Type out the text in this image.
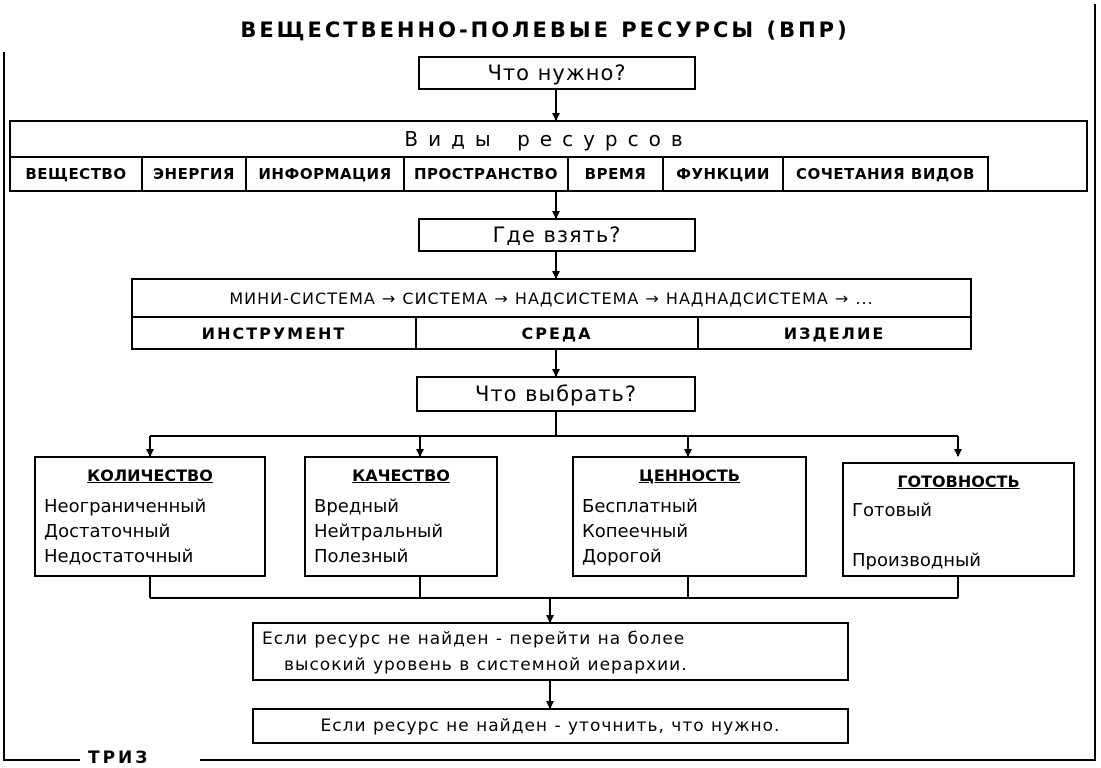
ВЕЩЕСТВЕННО-ПОЛЕВЫЕ РЕСУРСЫ (ВПР)
Что нужно?
Виды ресурсов
ВЕЩЕСТВО	ЭНЕРГИЯ	ИНФОРМАЦИЯ	ПРОСТРАНСТВО	ВРЕМЯ	ФУНКЦИИ	СОЧЕТАНИЯ ВИДОВ
Где взять?
МИНИ-СИСТЕМА → СИСТЕМА → НАДСИСТЕМА → НАДНАДСИСТЕМА → ...
ИНСТРУМЕНТ	СРЕДА	ИЗДЕЛИЕ
Что выбрать?
КОЛИЧЕСТВО
Неограниченный
Достаточный
Недостаточный
КАЧЕСТВО
Вредный
Нейтральный
Полезный
ЦЕННОСТЬ
Бесплатный
Копеечный
Дорогой
ГОТОВНОСТЬ
Готовый
Производный
Если ресурс не найден - перейти на более
высокий уровень в системной иерархии.
Если ресурс не найден - уточнить, что нужно.
ТРИЗ
